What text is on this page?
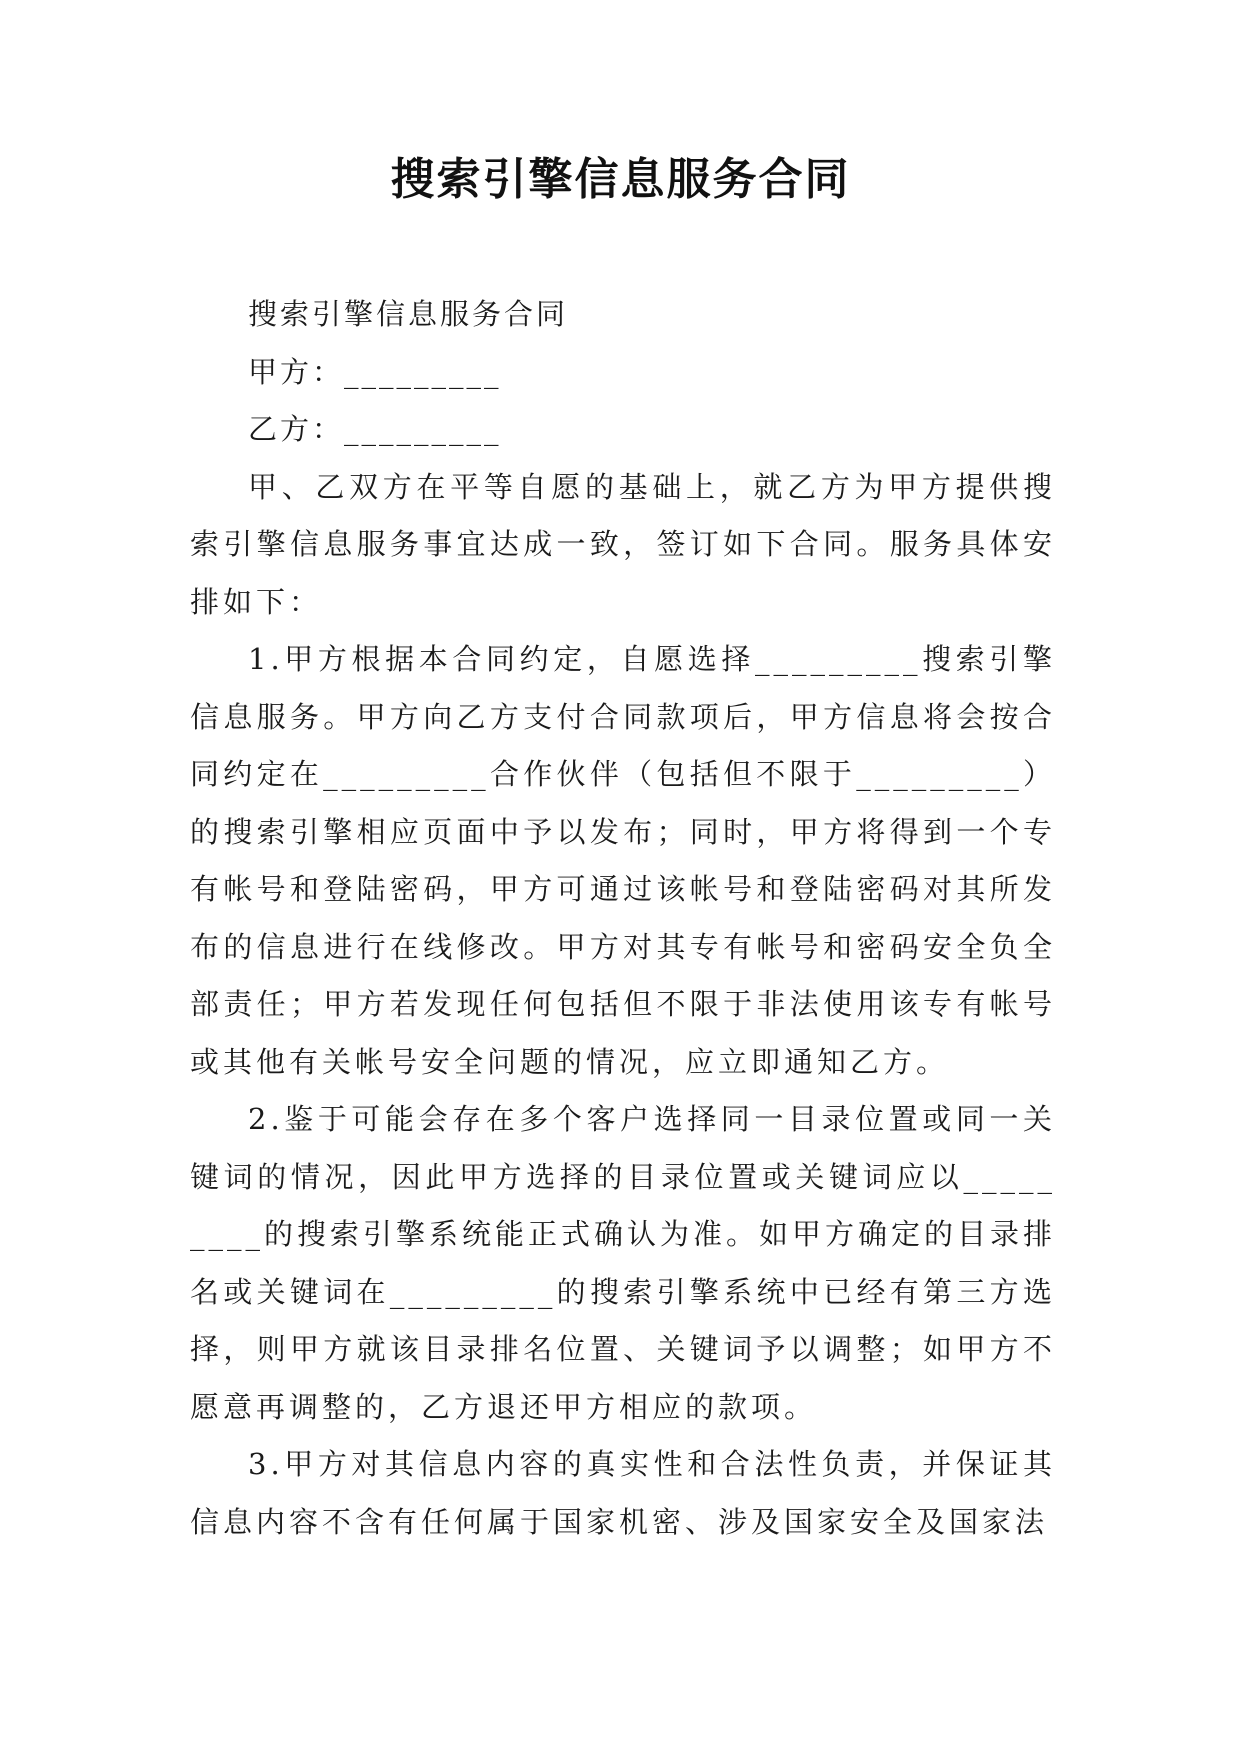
搜索引擎信息服务合同

搜索引擎信息服务合同

甲方：_________

乙方：_________

甲、乙双方在平等自愿的基础上，就乙方为甲方提供搜索引擎信息服务事宜达成一致，签订如下合同。服务具体安排如下：

1.甲方根据本合同约定，自愿选择_________搜索引擎信息服务。甲方向乙方支付合同款项后，甲方信息将会按合同约定在_________合作伙伴（包括但不限于_________）的搜索引擎相应页面中予以发布；同时，甲方将得到一个专有帐号和登陆密码，甲方可通过该帐号和登陆密码对其所发布的信息进行在线修改。甲方对其专有帐号和密码安全负全部责任；甲方若发现任何包括但不限于非法使用该专有帐号或其他有关帐号安全问题的情况，应立即通知乙方。

2.鉴于可能会存在多个客户选择同一目录位置或同一关键词的情况，因此甲方选择的目录位置或关键词应以_________的搜索引擎系统能正式确认为准。如甲方确定的目录排名或关键词在_________的搜索引擎系统中已经有第三方选择，则甲方就该目录排名位置、关键词予以调整；如甲方不愿意再调整的，乙方退还甲方相应的款项。

3.甲方对其信息内容的真实性和合法性负责，并保证其信息内容不含有任何属于国家机密、涉及国家安全及国家法
